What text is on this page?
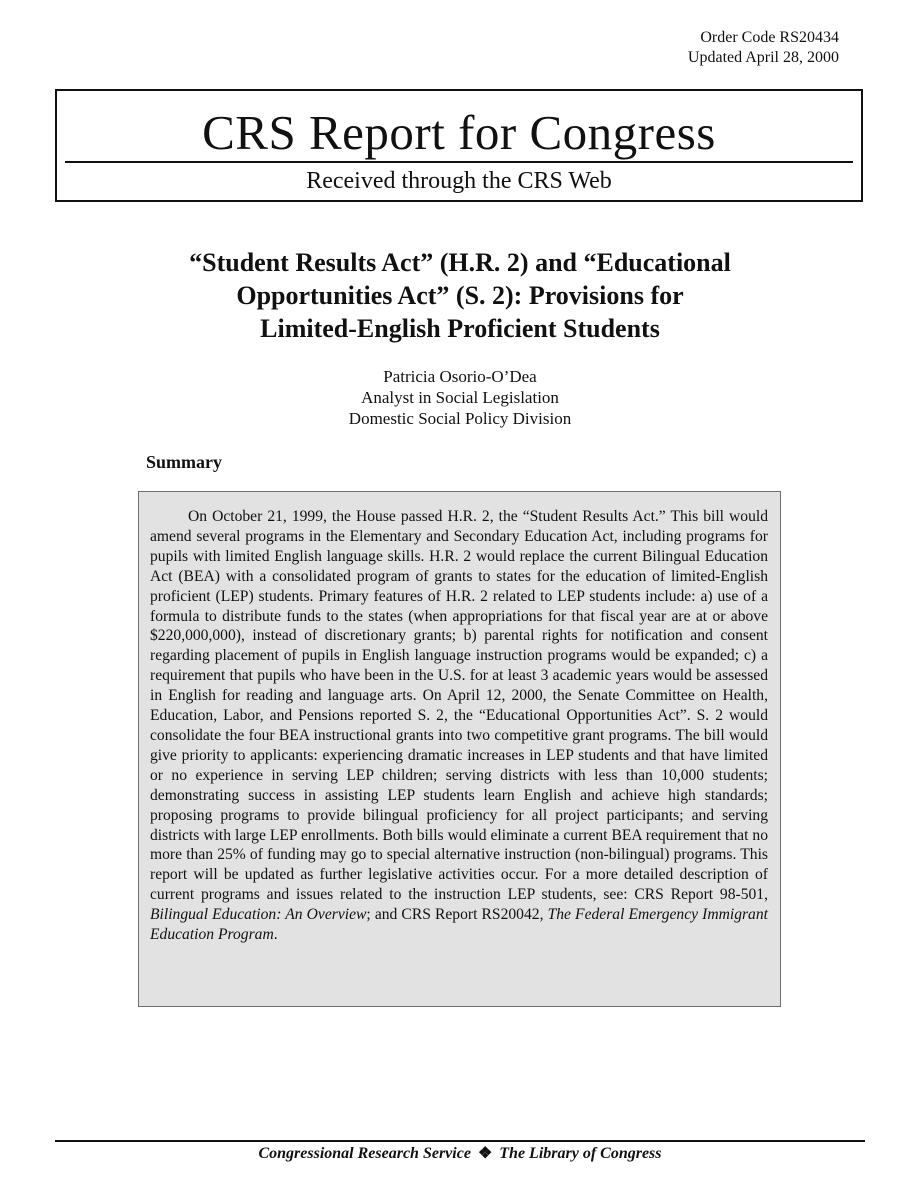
Order Code RS20434
Updated April 28, 2000
CRS Report for Congress
Received through the CRS Web
“Student Results Act” (H.R. 2) and “Educational
Opportunities Act” (S. 2): Provisions for
Limited-English Proficient Students
Patricia Osorio-O’Dea
Analyst in Social Legislation
Domestic Social Policy Division
Summary

On October 21, 1999, the House passed H.R. 2, the “Student Results Act.” This bill would amend several programs in the Elementary and Secondary Education Act, including programs for pupils with limited English language skills. H.R. 2 would replace the current Bilingual Education Act (BEA) with a consolidated program of grants to states for the education of limited-English proficient (LEP) students. Primary features of H.R. 2 related to LEP students include: a) use of a formula to distribute funds to the states (when appropriations for that fiscal year are at or above $220,000,000), instead of discretionary grants; b) parental rights for notification and consent regarding placement of pupils in English language instruction programs would be expanded; c) a requirement that pupils who have been in the U.S. for at least 3 academic years would be assessed in English for reading and language arts. On April 12, 2000, the Senate Committee on Health, Education, Labor, and Pensions reported S. 2, the “Educational Opportunities Act”. S. 2 would consolidate the four BEA instructional grants into two competitive grant programs. The bill would give priority to applicants: experiencing dramatic increases in LEP students and that have limited or no experience in serving LEP children; serving districts with less than 10,000 students; demonstrating success in assisting LEP students learn English and achieve high standards; proposing programs to provide bilingual proficiency for all project participants; and serving districts with large LEP enrollments. Both bills would eliminate a current BEA requirement that no more than 25% of funding may go to special alternative instruction (non-bilingual) programs. This report will be updated as further legislative activities occur. For a more detailed description of current programs and issues related to the instruction LEP students, see: CRS Report 98-501, Bilingual Education: An Overview; and CRS Report RS20042, The Federal Emergency Immigrant Education Program.

Congressional Research Service ❖ The Library of Congress
